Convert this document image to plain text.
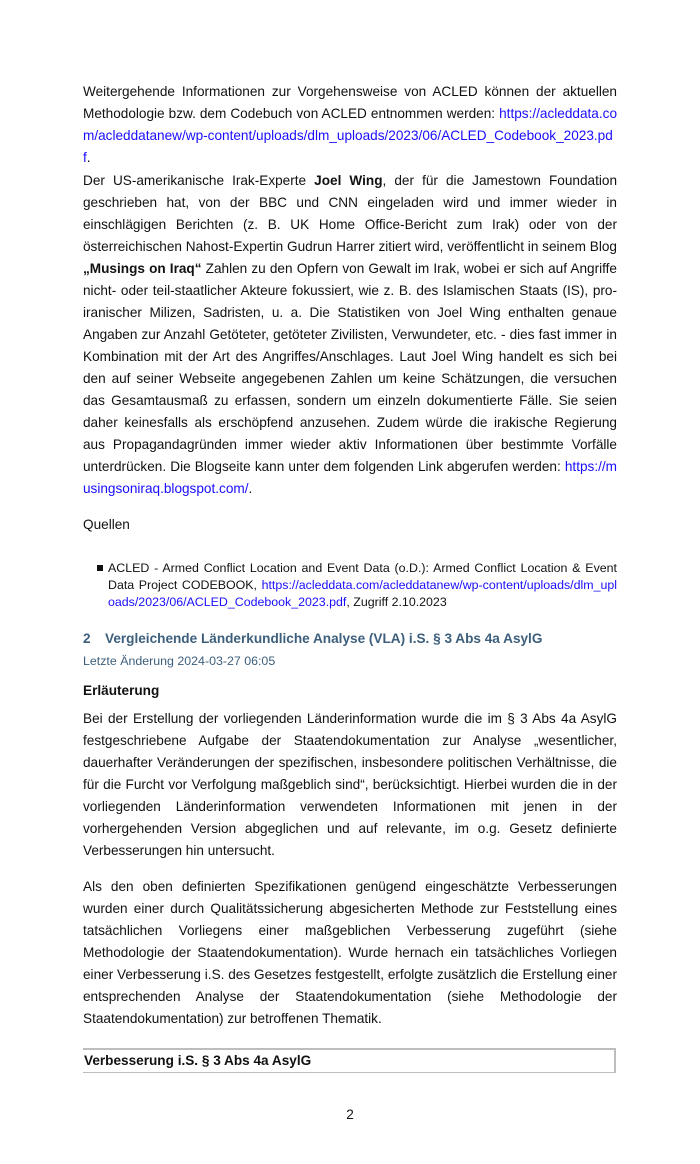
Weitergehende Informationen zur Vorgehensweise von ACLED können der aktuellen Methodologie bzw. dem Codebuch von ACLED entnommen werden: https://acleddata.com/acleddatanew/wp-content/uploads/dlm_uploads/2023/06/ACLED_Codebook_2023.pdf.
Der US-amerikanische Irak-Experte Joel Wing, der für die Jamestown Foundation geschrieben hat, von der BBC und CNN eingeladen wird und immer wieder in einschlägigen Berichten (z. B. UK Home Office-Bericht zum Irak) oder von der österreichischen Nahost-Expertin Gudrun Harrer zitiert wird, veröffentlicht in seinem Blog „Musings on Iraq“ Zahlen zu den Opfern von Gewalt im Irak, wobei er sich auf Angriffe nicht- oder teil-staatlicher Akteure fokussiert, wie z. B. des Islamischen Staats (IS), pro-iranischer Milizen, Sadristen, u. a. Die Statistiken von Joel Wing enthalten genaue Angaben zur Anzahl Getöteter, getöteter Zivilisten, Verwundeter, etc. - dies fast immer in Kombination mit der Art des Angriffes/Anschlages. Laut Joel Wing handelt es sich bei den auf seiner Webseite angegebenen Zahlen um keine Schätzungen, die versuchen das Gesamtausmaß zu erfassen, sondern um einzeln dokumentierte Fälle. Sie seien daher keinesfalls als erschöpfend anzusehen. Zudem würde die irakische Regierung aus Propagandagründen immer wieder aktiv Informationen über bestimmte Vorfälle unterdrücken. Die Blogseite kann unter dem folgenden Link abgerufen werden: https://musingsoniraq.blogspot.com/.
Quellen
ACLED - Armed Conflict Location and Event Data (o.D.): Armed Conflict Location & Event Data Project CODEBOOK, https://acleddata.com/acleddatanew/wp-content/uploads/dlm_uploads/2023/06/ACLED_Codebook_2023.pdf, Zugriff 2.10.2023
2 Vergleichende Länderkundliche Analyse (VLA) i.S. § 3 Abs 4a AsylG
Letzte Änderung 2024-03-27 06:05
Erläuterung
Bei der Erstellung der vorliegenden Länderinformation wurde die im § 3 Abs 4a AsylG festgeschriebene Aufgabe der Staatendokumentation zur Analyse „wesentlicher, dauerhafter Veränderungen der spezifischen, insbesondere politischen Verhältnisse, die für die Furcht vor Verfolgung maßgeblich sind“, berücksichtigt. Hierbei wurden die in der vorliegenden Länderinformation verwendeten Informationen mit jenen in der vorhergehenden Version abgeglichen und auf relevante, im o.g. Gesetz definierte Verbesserungen hin untersucht.
Als den oben definierten Spezifikationen genügend eingeschätzte Verbesserungen wurden einer durch Qualitätssicherung abgesicherten Methode zur Feststellung eines tatsächlichen Vorliegens einer maßgeblichen Verbesserung zugeführt (siehe Methodologie der Staatendokumentation). Wurde hernach ein tatsächliches Vorliegen einer Verbesserung i.S. des Gesetzes festgestellt, erfolgte zusätzlich die Erstellung einer entsprechenden Analyse der Staatendokumentation (siehe Methodologie der Staatendokumentation) zur betroffenen Thematik.
Verbesserung i.S. § 3 Abs 4a AsylG
2
